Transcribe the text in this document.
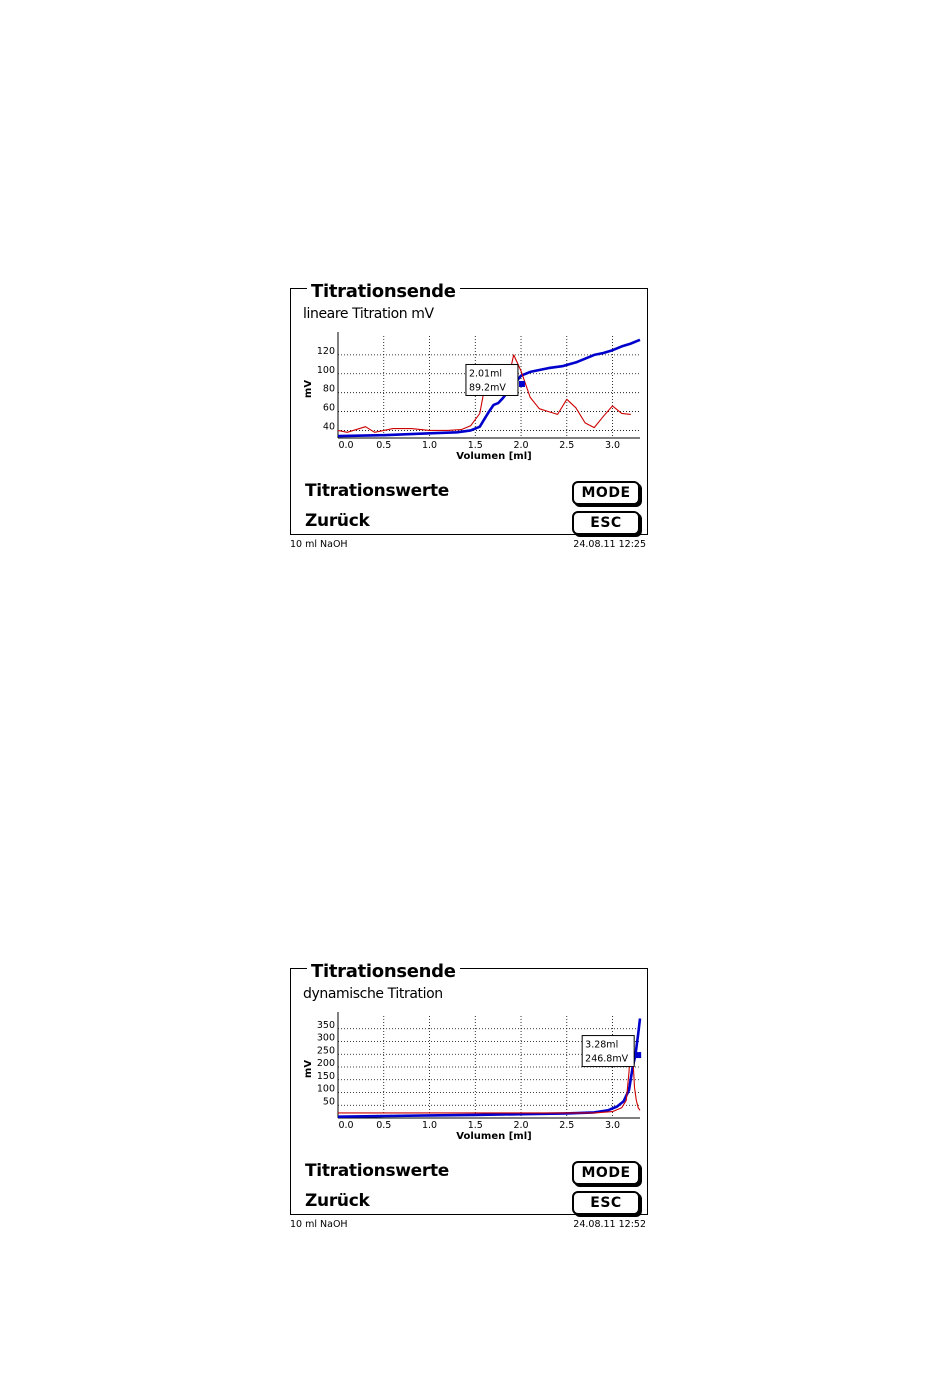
Titrationsende
lineare Titration mV
0.0 0.5	1.0	1.5	2.0	2.5	3.0
120
100
80
60
40
Volumen [ml]
mV
2.01ml
89.2mV
Titrationswerte	MODE
Zurück	ESC
10 ml NaOH	24.08.11 12:25
Titrationsende
dynamische Titration
0.0 0.5	1.0	1.5	2.0	2.5	3.0
350
300
250
200
150
100
50
Volumen [ml]
mV
3.28ml
246.8mV
Titrationswerte	MODE
Zurück	ESC
10 ml NaOH	24.08.11 12:52
